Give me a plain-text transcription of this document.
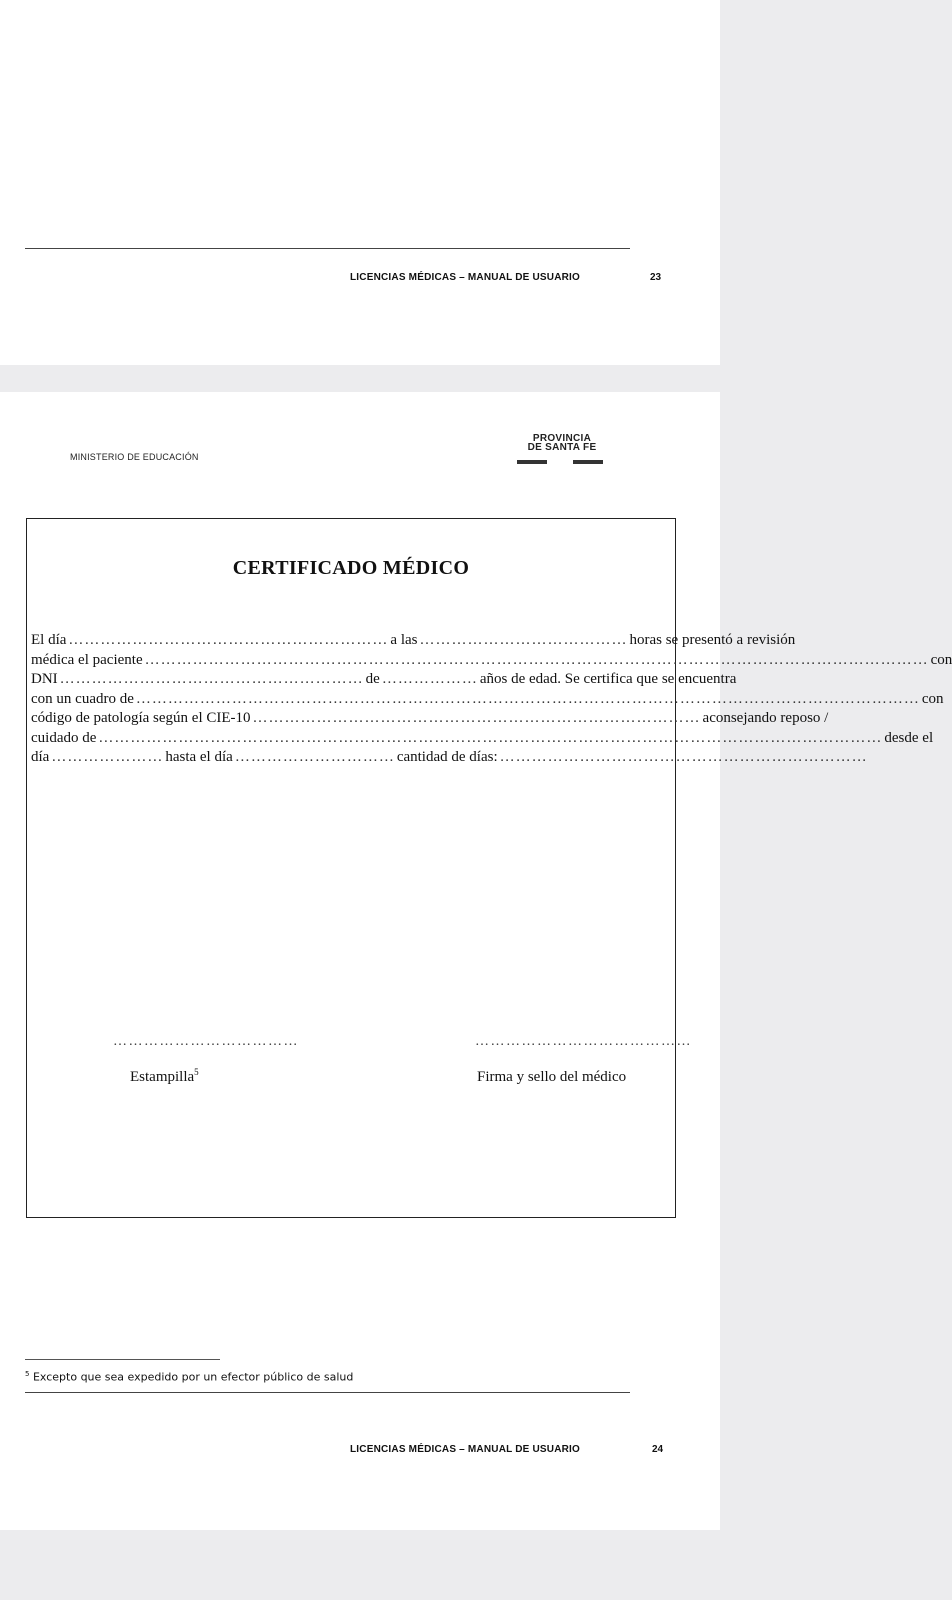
LICENCIAS MÉDICAS – MANUAL DE USUARIO	23
MINISTERIO DE EDUCACIÓN
PROVINCIA
DE SANTA FE
CERTIFICADO MÉDICO
El día …………………………………………………… a las ………………………………… horas se presentó a revisión
médica el paciente ………………………………………………………………………………………………………………………………… con
DNI ………………………………………………… de ……………… años de edad. Se certifica que se encuentra
con un cuadro de ………………………………………………………………………………………………………………………………… con
código de patología según el CIE-10 ………………………………………………………………………… aconsejando reposo /
cuidado de ………………………………………………………………………………………………………………………………… desde el
día ………………… hasta el día ………………………… cantidad de días: ……………………………………………………………
………………………………	……………………………………
Estampilla$^5$	Firma y sello del médico
$^5$ Excepto que sea expedido por un efector público de salud
LICENCIAS MÉDICAS – MANUAL DE USUARIO	24
